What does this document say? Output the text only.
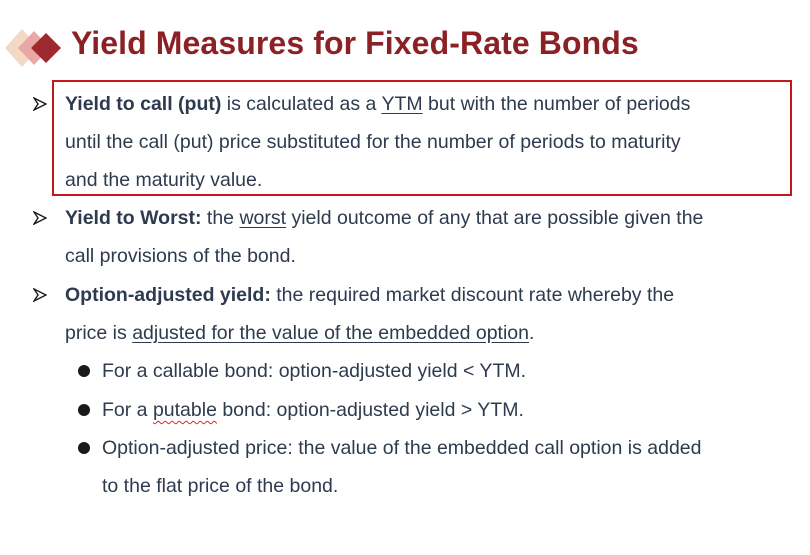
Yield Measures for Fixed-Rate Bonds
Yield to call (put) is calculated as a YTM but with the number of periods
until the call (put) price substituted for the number of periods to maturity
and the maturity value.
Yield to Worst: the worst yield outcome of any that are possible given the
call provisions of the bond.
Option-adjusted yield: the required market discount rate whereby the
price is adjusted for the value of the embedded option.
For a callable bond: option-adjusted yield < YTM.
For a putable bond: option-adjusted yield > YTM.
Option-adjusted price: the value of the embedded call option is added
to the flat price of the bond.
